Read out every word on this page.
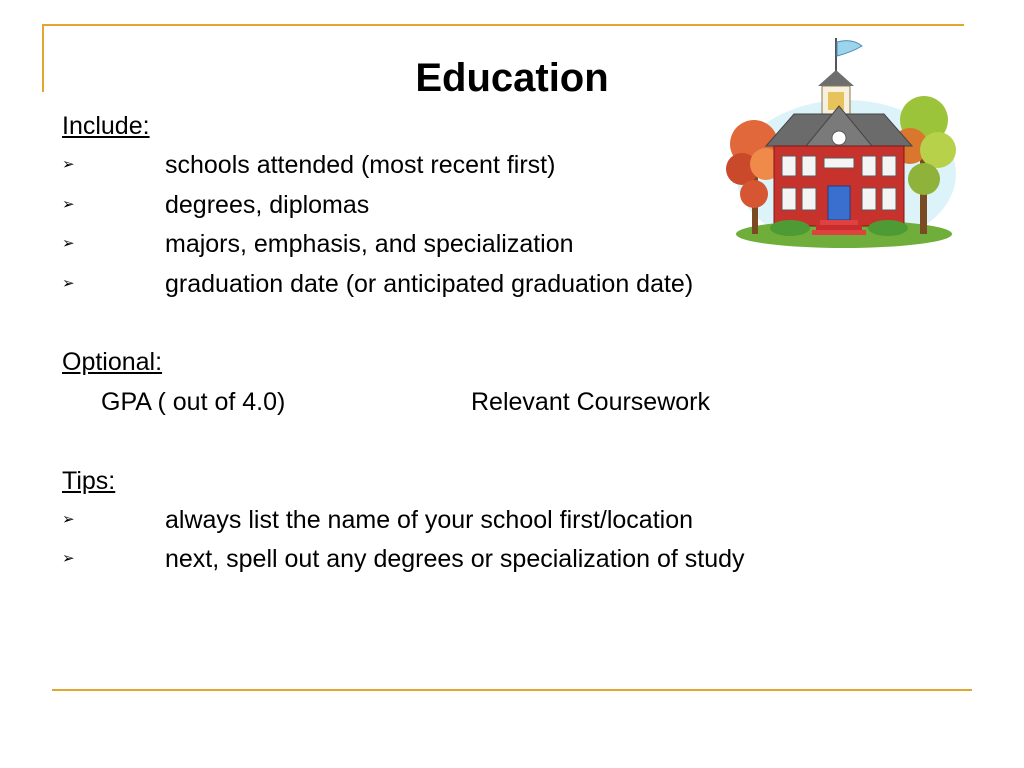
Education
Include:
➢	schools attended (most recent first)
➢	degrees, diplomas
➢	majors, emphasis, and specialization
➢	graduation date (or anticipated graduation date)
Optional:
GPA ( out of 4.0)	Relevant Coursework
Tips:
➢	always list the name of your school first/location
➢	next, spell out any degrees or specialization of study
